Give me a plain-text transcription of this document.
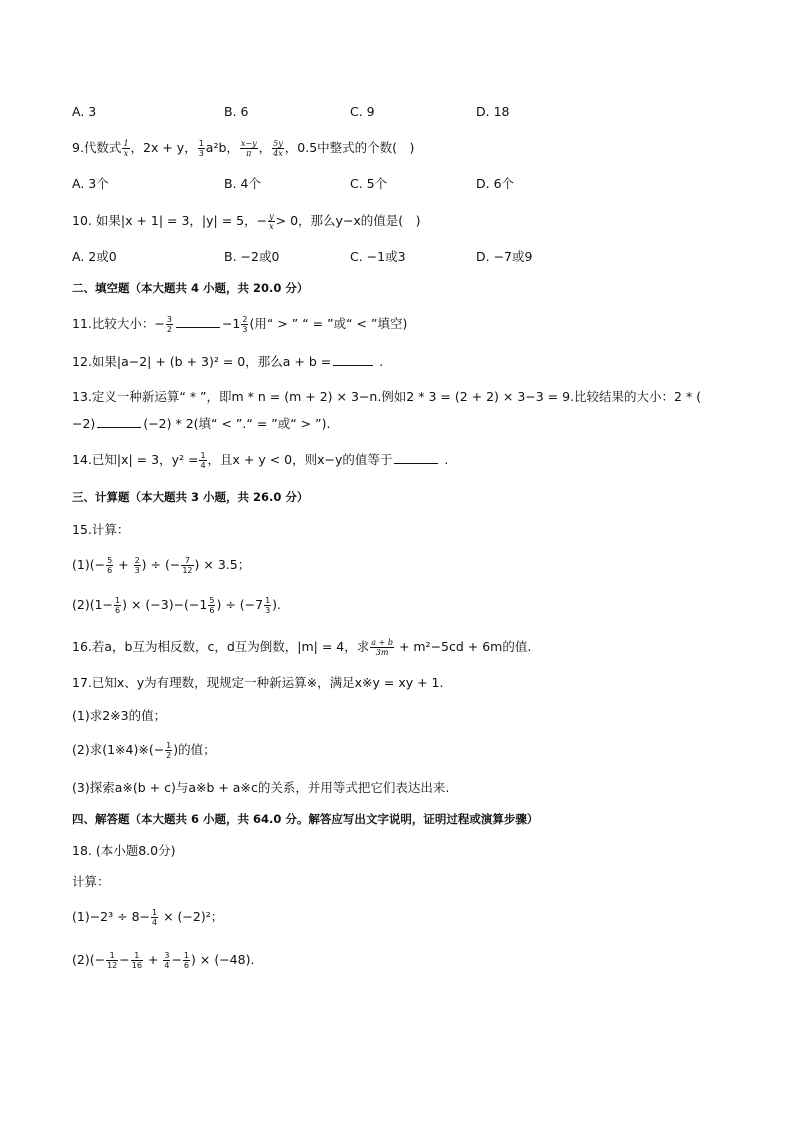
A. 3	B. 6	C. 9	D. 18
9.代数式 $\frac{1}{x}$ ，2x + y， $\frac{1}{3} a^2b$， $\frac{x-y}{\pi}$ ， $\frac{5y}{4x}$ ，0.5中整式的个数(　)
A. 3个	B. 4个	C. 5个	D. 6个
10. 如果|x + 1| = 3，|y| = 5，− $\frac{y}{x} > 0$，那么y−x的值是(　)
A. 2或0	B. −2或0	C. −1或3	D. −7或9
二、填空题（本大题共 4 小题，共 20.0 分）
11.比较大小：− $\frac{3}{2}$	$-1 \frac{2}{3}$ (用“ > ” “ = ”或“ < ”填空)
12.如果|a−2| + (b + 3)² = 0，那么a + b =	.
13.定义一种新运算“ * ”，即m * n = (m + 2) × 3−n.例如2 * 3 = (2 + 2) × 3−3 = 9.比较结果的大小：2 * (
−2)	(−2) * 2(填“ < ”.“ = ”或“ > ”).
14.已知|x| = 3，$y^2 = \frac{1}{4}$ ，且x + y < 0，则x−y的值等于	.
三、计算题（本大题共 3 小题，共 26.0 分）
15.计算：
$(1)(- \frac{5}{6} + \frac{2}{3}$ ) ÷ (− $\frac{7}{12}$ ) × 3.5；
$(2)(1- \frac{1}{6}$ ) × $(-3)-(-1 \frac{5}{6}$ ) ÷ ($-7 \frac{1}{3}$ ).
16.若a，b互为相反数，c，d互为倒数，|m| = 4，求 $\frac{a + b}{3m} + m^2-5cd + 6m$的值.
17.已知x、y为有理数，现规定一种新运算※，满足x※y = xy + 1.
(1)求2※3的值；
(2)求(1※4)※(− $\frac{1}{2}$ )的值；
(3)探索a※(b + c)与a※b + a※c的关系，并用等式把它们表达出来.
四、解答题（本大题共 6 小题，共 64.0 分。解答应写出文字说明，证明过程或演算步骤）
18. (本小题8.0分)
计算：
$(1)-2^3 \div 8- \frac{1}{4} \times (-2)^2$；
$(2)(- \frac{1}{12} - \frac{1}{16} + \frac{3}{4} - \frac{1}{6}$ ) × (−48).
